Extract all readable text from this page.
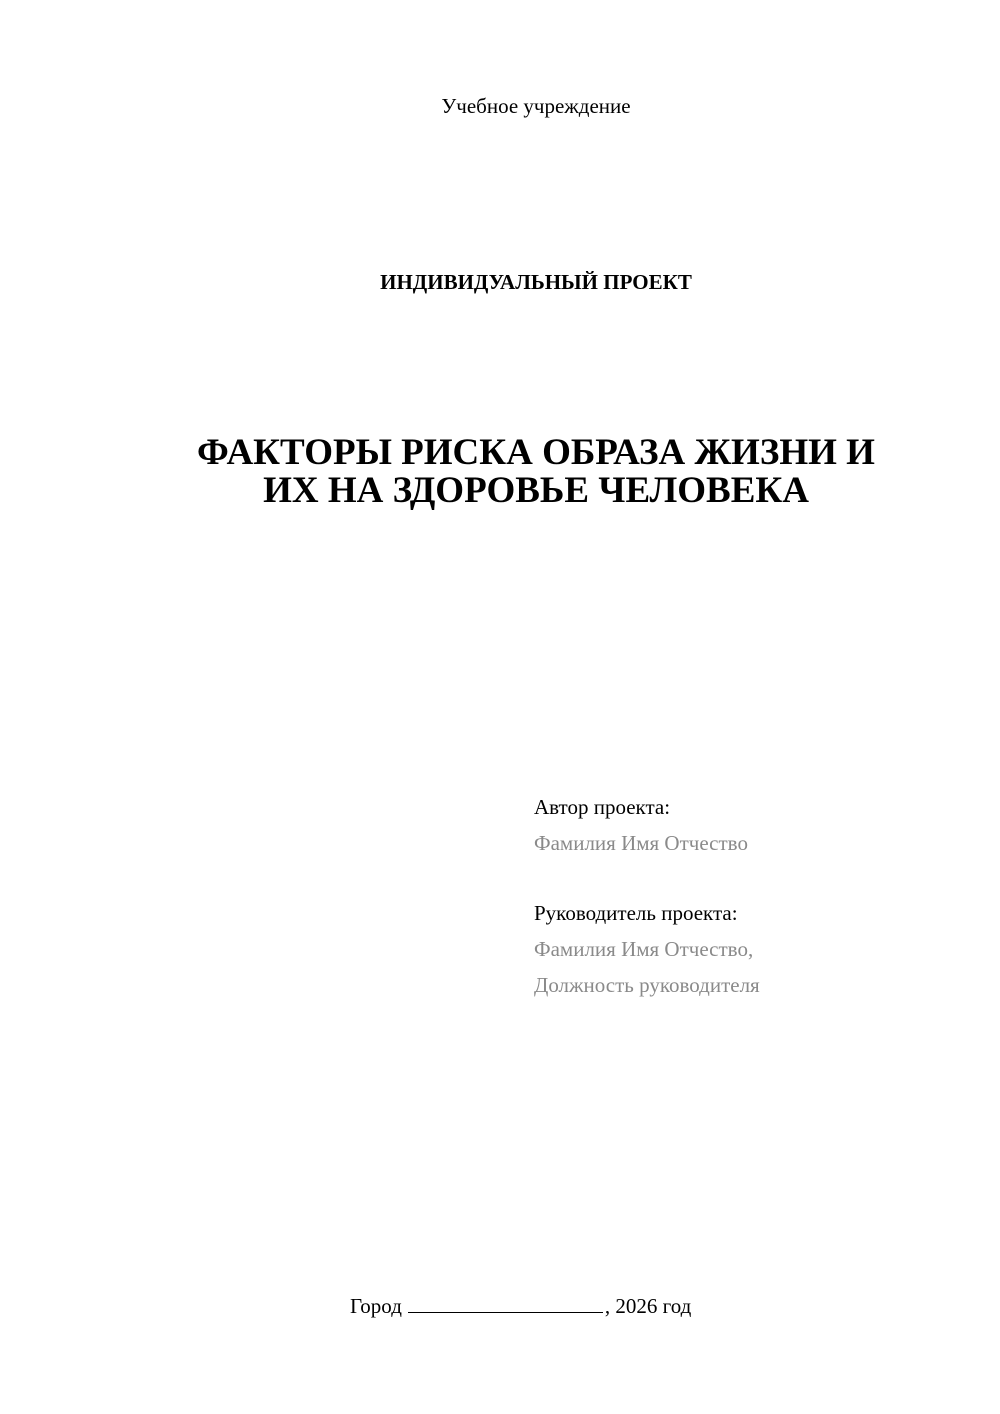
Учебное учреждение
ИНДИВИДУАЛЬНЫЙ ПРОЕКТ
ФАКТОРЫ РИСКА ОБРАЗА ЖИЗНИ И
ИХ НА ЗДОРОВЬЕ ЧЕЛОВЕКА
Автор проекта:
Фамилия Имя Отчество
Руководитель проекта:
Фамилия Имя Отчество,
Должность руководителя
Город	, 2026 год
